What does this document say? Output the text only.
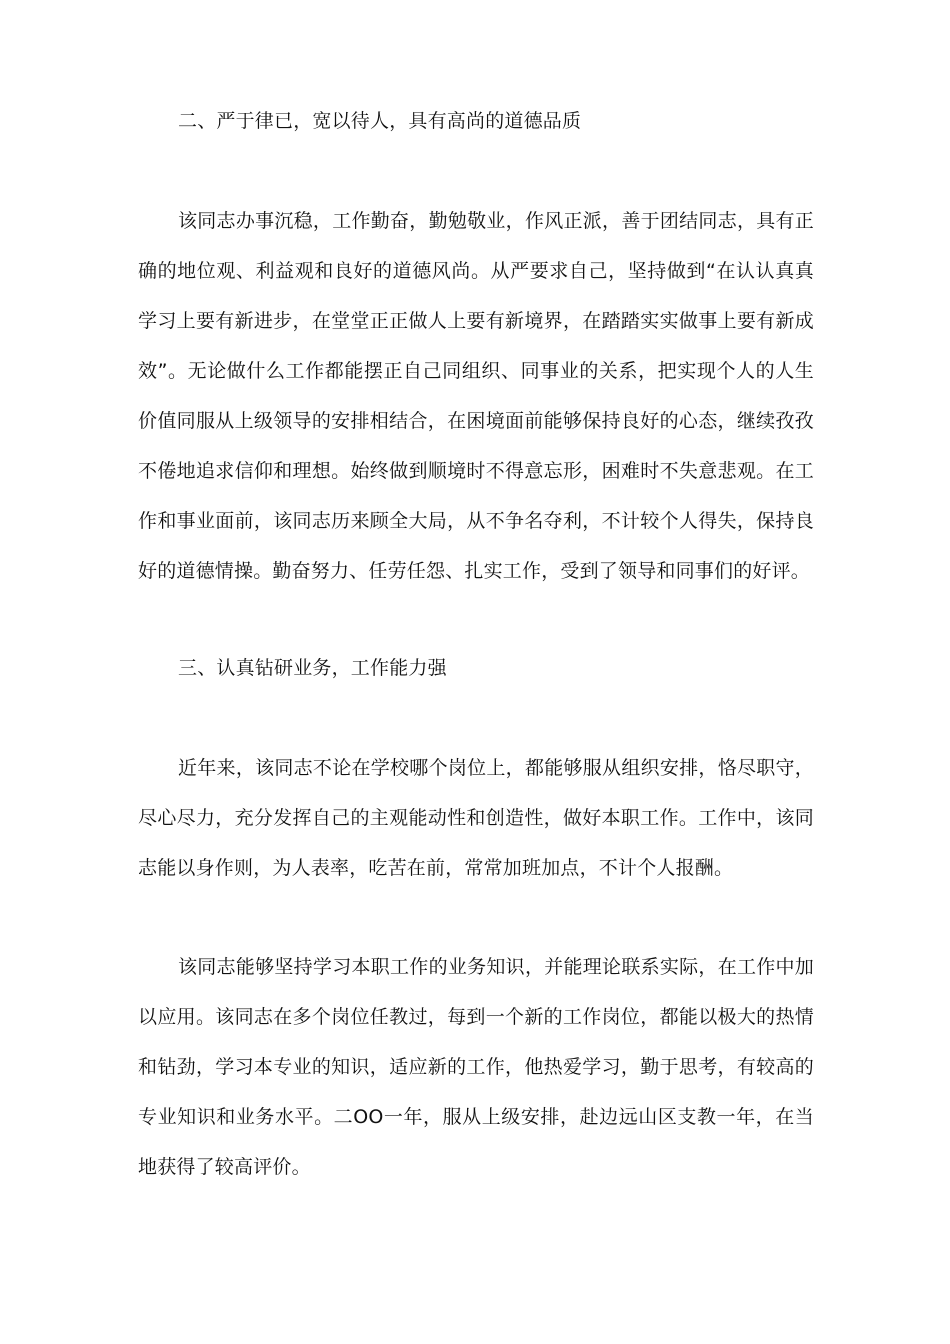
二、严于律已，宽以待人，具有高尚的道德品质

该同志办事沉稳，工作勤奋，勤勉敬业，作风正派，善于团结同志，具有正确的地位观、利益观和良好的道德风尚。从严要求自己，坚持做到“在认认真真学习上要有新进步，在堂堂正正做人上要有新境界，在踏踏实实做事上要有新成效”。无论做什么工作都能摆正自己同组织、同事业的关系，把实现个人的人生价值同服从上级领导的安排相结合，在困境面前能够保持良好的心态，继续孜孜不倦地追求信仰和理想。始终做到顺境时不得意忘形，困难时不失意悲观。在工作和事业面前，该同志历来顾全大局，从不争名夺利，不计较个人得失，保持良好的道德情操。勤奋努力、任劳任怨、扎实工作，受到了领导和同事们的好评。

三、认真钻研业务，工作能力强

近年来，该同志不论在学校哪个岗位上，都能够服从组织安排，恪尽职守，尽心尽力，充分发挥自己的主观能动性和创造性，做好本职工作。工作中，该同志能以身作则，为人表率，吃苦在前，常常加班加点，不计个人报酬。

该同志能够坚持学习本职工作的业务知识，并能理论联系实际，在工作中加以应用。该同志在多个岗位任教过，每到一个新的工作岗位，都能以极大的热情和钻劲，学习本专业的知识，适应新的工作，他热爱学习，勤于思考，有较高的专业知识和业务水平。二OO一年，服从上级安排，赴边远山区支教一年，在当地获得了较高评价。
